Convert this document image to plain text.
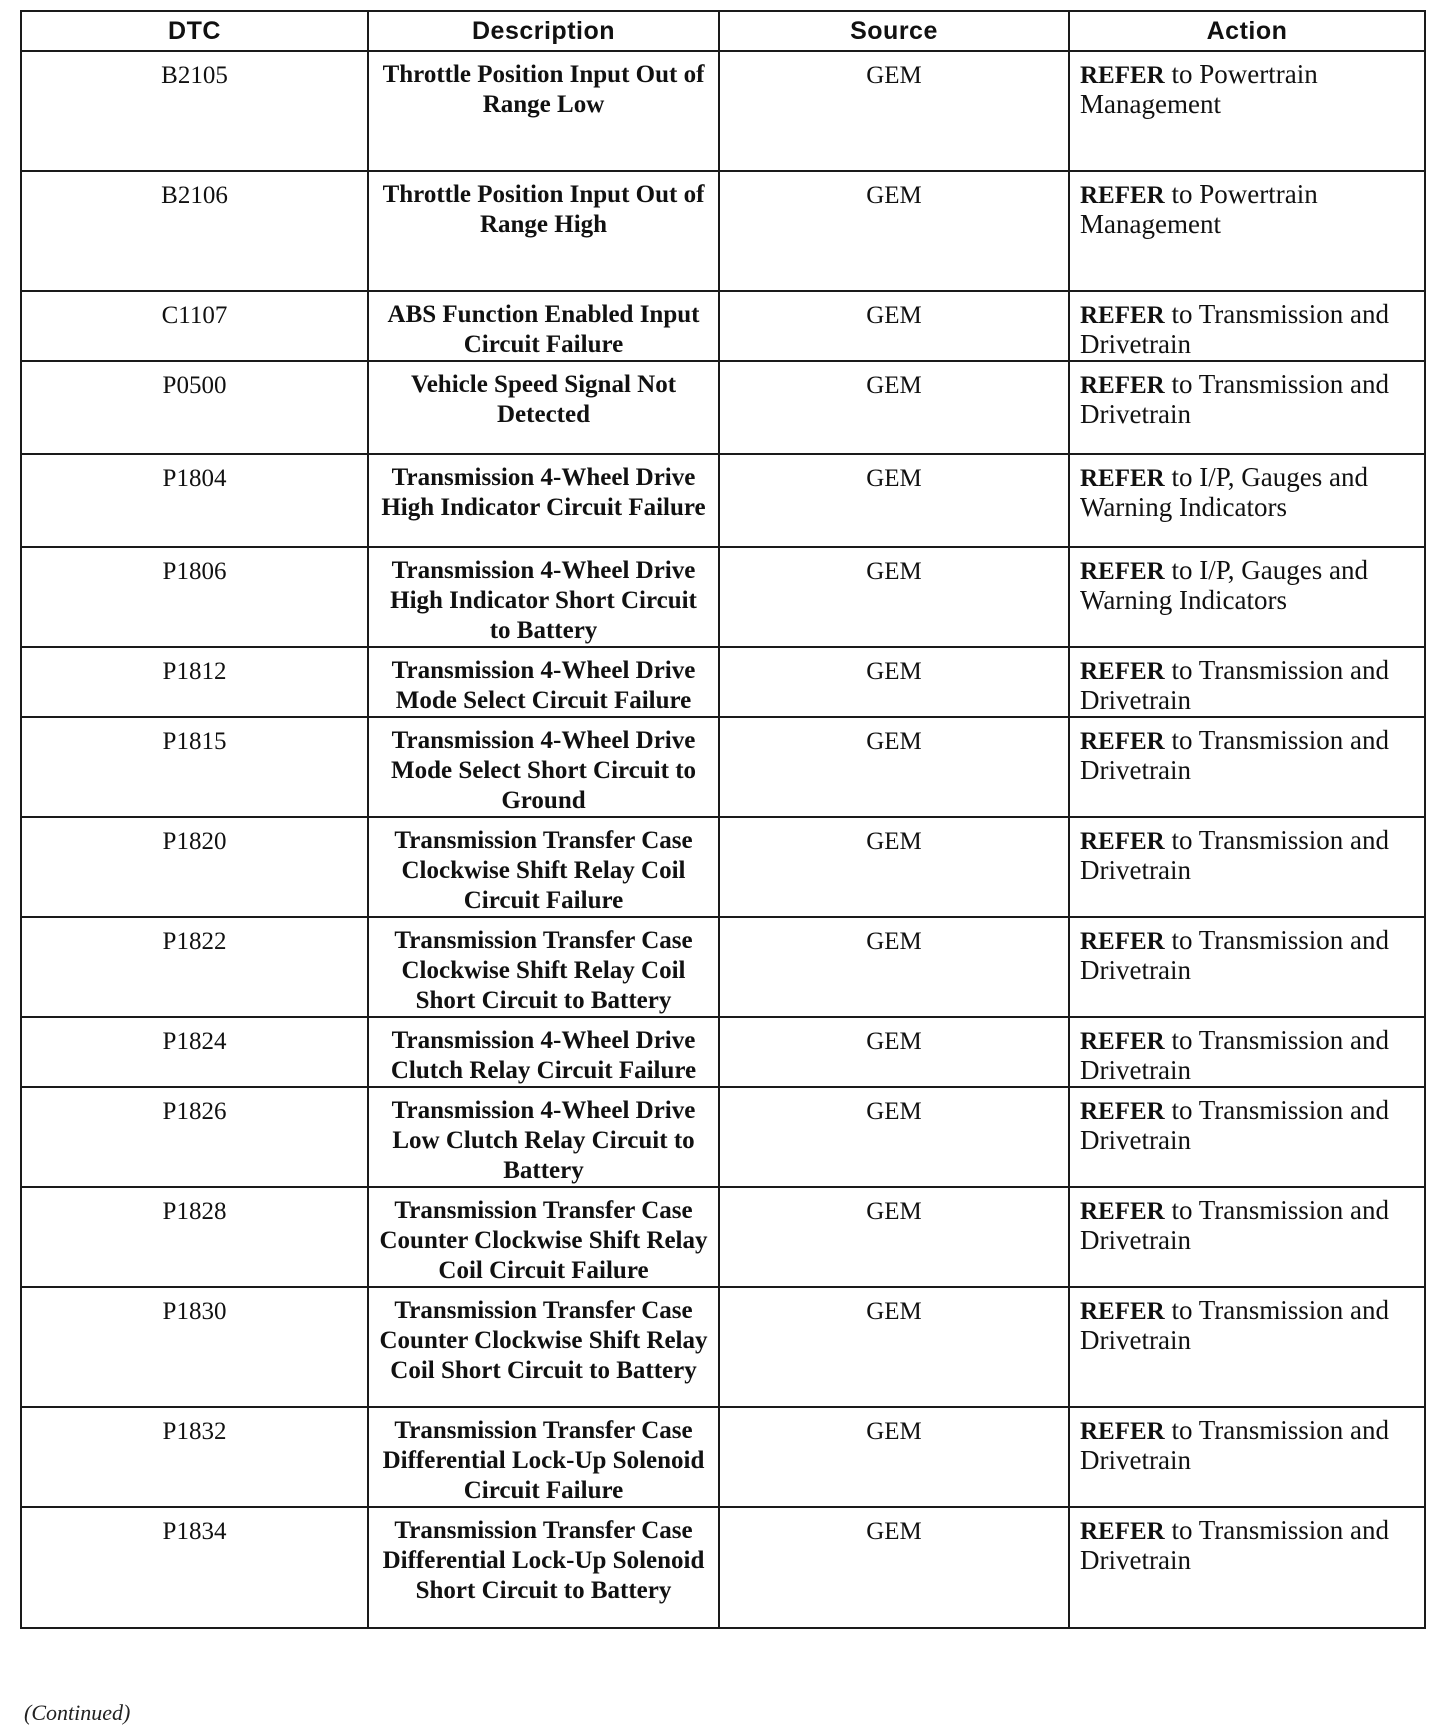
DTC	Description	Source	Action

B2105	Throttle Position Input Out of Range Low	GEM	REFER to Powertrain Management

B2106	Throttle Position Input Out of Range High	GEM	REFER to Powertrain Management

C1107	ABS Function Enabled Input Circuit Failure	GEM	REFER to Transmission and Drivetrain

P0500	Vehicle Speed Signal Not Detected	GEM	REFER to Transmission and Drivetrain

P1804	Transmission 4-Wheel Drive High Indicator Circuit Failure	GEM	REFER to I/P, Gauges and Warning Indicators

P1806	Transmission 4-Wheel Drive High Indicator Short Circuit to Battery	GEM	REFER to I/P, Gauges and Warning Indicators

P1812	Transmission 4-Wheel Drive Mode Select Circuit Failure	GEM	REFER to Transmission and Drivetrain

P1815	Transmission 4-Wheel Drive Mode Select Short Circuit to Ground	GEM	REFER to Transmission and Drivetrain

P1820	Transmission Transfer Case Clockwise Shift Relay Coil Circuit Failure	GEM	REFER to Transmission and Drivetrain

P1822	Transmission Transfer Case Clockwise Shift Relay Coil Short Circuit to Battery	GEM	REFER to Transmission and Drivetrain

P1824	Transmission 4-Wheel Drive Clutch Relay Circuit Failure	GEM	REFER to Transmission and Drivetrain

P1826	Transmission 4-Wheel Drive Low Clutch Relay Circuit to Battery	GEM	REFER to Transmission and Drivetrain

P1828	Transmission Transfer Case Counter Clockwise Shift Relay Coil Circuit Failure	GEM	REFER to Transmission and Drivetrain

P1830	Transmission Transfer Case Counter Clockwise Shift Relay Coil Short Circuit to Battery	GEM	REFER to Transmission and Drivetrain

P1832	Transmission Transfer Case Differential Lock-Up Solenoid Circuit Failure	GEM	REFER to Transmission and Drivetrain

P1834	Transmission Transfer Case Differential Lock-Up Solenoid Short Circuit to Battery	GEM	REFER to Transmission and Drivetrain
(Continued)
